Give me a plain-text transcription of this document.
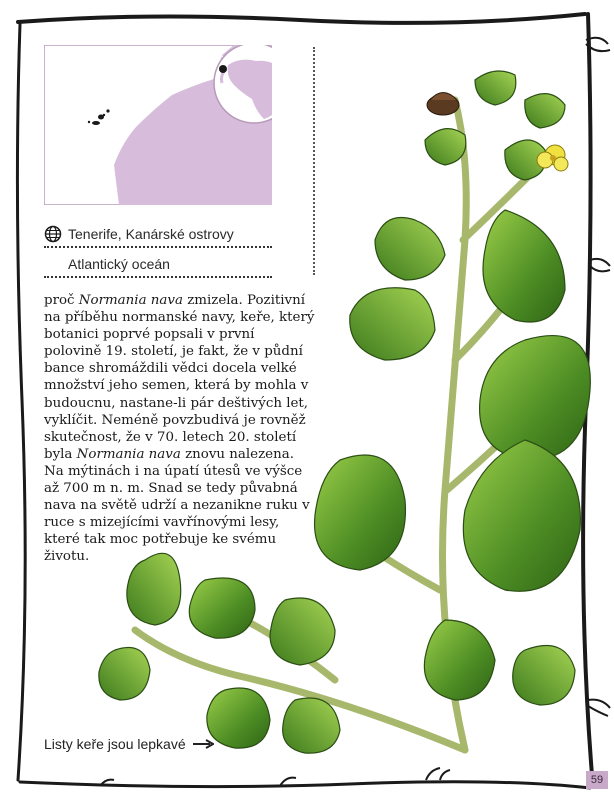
Tenerife, Kanárské ostrovy
Atlantický oceán

proč Normania nava zmizela. Pozitivní na příběhu normanské navy, keře, který botanici poprvé popsali v první polovině 19. století, je fakt, že v půdní bance shromáždili vědci docela velké množství jeho semen, která by mohla v budoucnu, nastane-li pár deštivých let, vyklíčit. Neméně povzbudivá je rovněž skutečnost, že v 70. letech 20. století byla Normania nava znovu nalezena. Na mýtinách i na úpatí útesů ve výšce až 700 m n. m. Snad se tedy půvabná nava na světě udrží a nezanikne ruku v ruce s mizejícími vavřínovými lesy, které tak moc potřebuje ke svému životu.

Listy keře jsou lepkavé
59
